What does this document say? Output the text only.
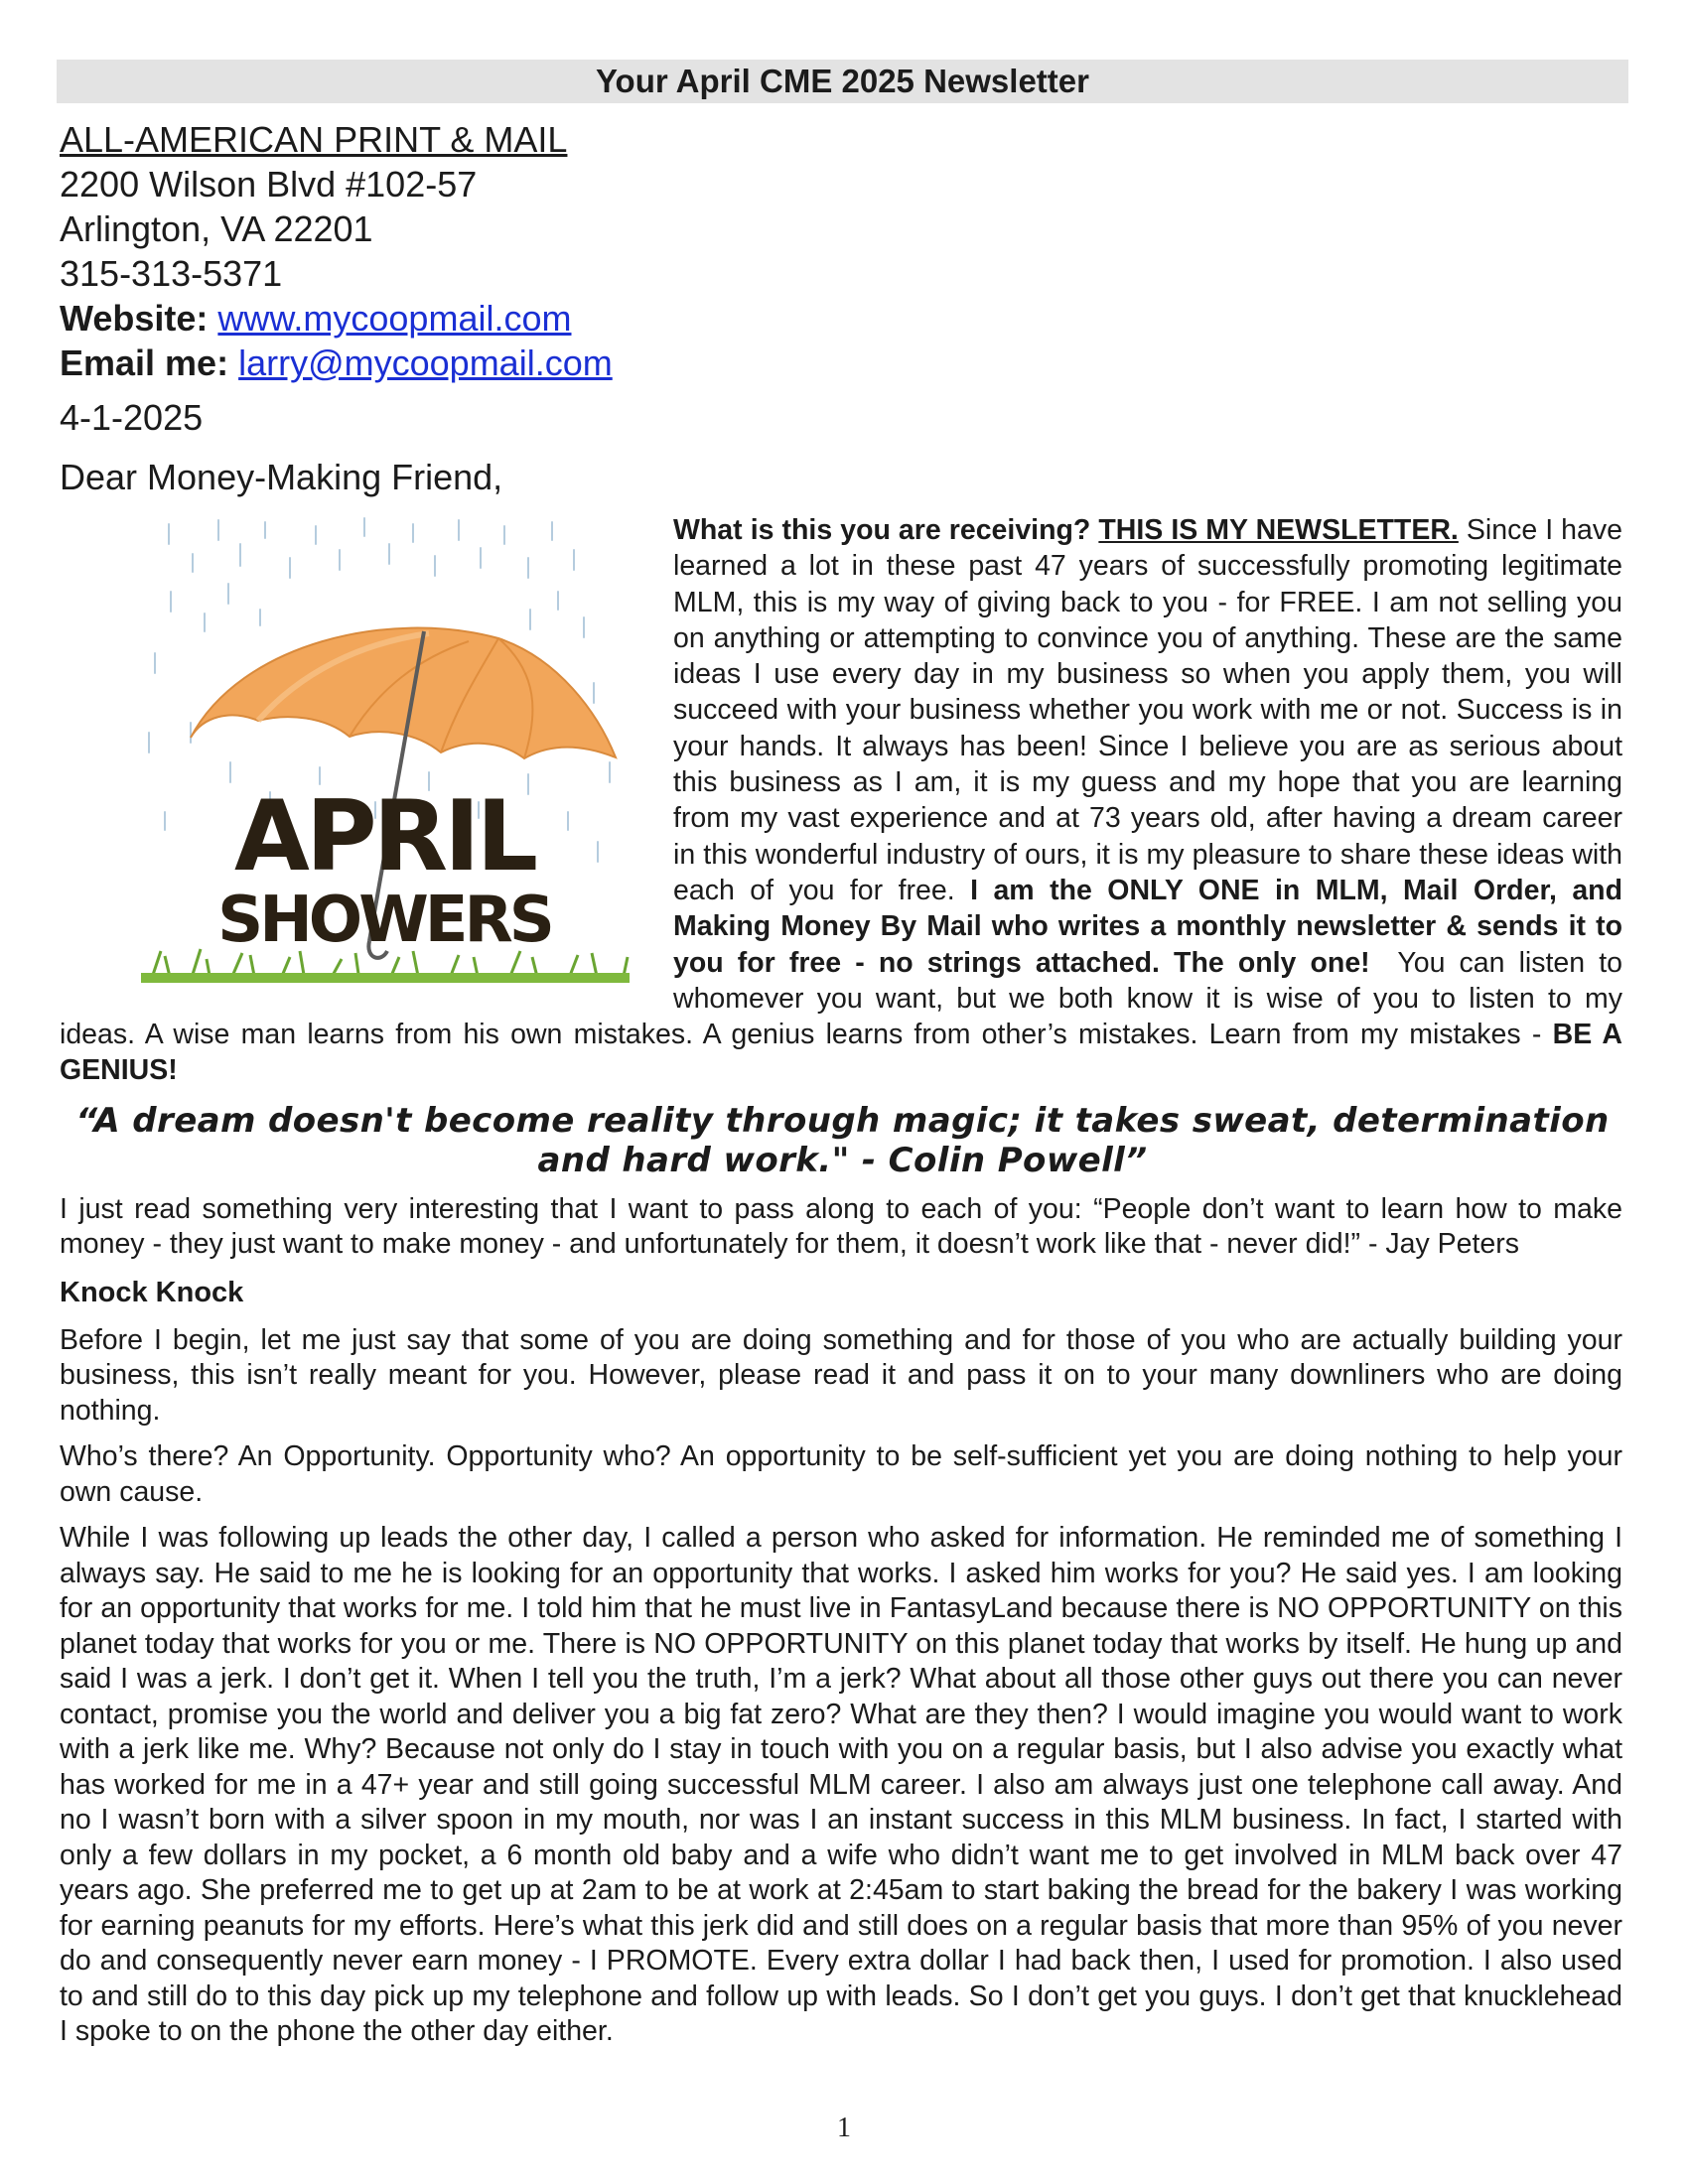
Your April CME 2025 Newsletter
ALL-AMERICAN PRINT & MAIL
2200 Wilson Blvd #102-57
Arlington, VA 22201
315-313-5371
Website: www.mycoopmail.com
Email me: larry@mycoopmail.com
4-1-2025
Dear Money-Making Friend,
APRIL
SHOWERS
What is this you are receiving? THIS IS MY NEWSLETTER. Since I have learned a lot in these past 47 years of successfully promoting legitimate MLM, this is my way of giving back to you - for FREE. I am not selling you on anything or attempting to convince you of anything. These are the same ideas I use every day in my business so when you apply them, you will succeed with your business whether you work with me or not. Success is in your hands. It always has been! Since I believe you are as serious about this business as I am, it is my guess and my hope that you are learning from my vast experience and at 73 years old, after having a dream career in this wonderful industry of ours, it is my pleasure to share these ideas with each of you for free. I am the ONLY ONE in MLM, Mail Order, and Making Money By Mail who writes a monthly newsletter & sends it to you for free - no strings attached. The only one! You can listen to whomever you want, but we both know it is wise of you to listen to my ideas. A wise man learns from his own mistakes. A genius learns from other’s mistakes. Learn from my mistakes - BE A GENIUS!
“A dream doesn't become reality through magic; it takes sweat, determination and hard work." - Colin Powell”

I just read something very interesting that I want to pass along to each of you: “People don’t want to learn how to make money - they just want to make money - and unfortunately for them, it doesn’t work like that - never did!” - Jay Peters

Knock Knock

Before I begin, let me just say that some of you are doing something and for those of you who are actually building your business, this isn’t really meant for you. However, please read it and pass it on to your many downliners who are doing nothing.

Who’s there? An Opportunity. Opportunity who? An opportunity to be self-sufficient yet you are doing nothing to help your own cause.

While I was following up leads the other day, I called a person who asked for information. He reminded me of something I always say. He said to me he is looking for an opportunity that works. I asked him works for you? He said yes. I am looking for an opportunity that works for me. I told him that he must live in FantasyLand because there is NO OPPORTUNITY on this planet today that works for you or me. There is NO OPPORTUNITY on this planet today that works by itself. He hung up and said I was a jerk. I don’t get it. When I tell you the truth, I’m a jerk? What about all those other guys out there you can never contact, promise you the world and deliver you a big fat zero? What are they then? I would imagine you would want to work with a jerk like me. Why? Because not only do I stay in touch with you on a regular basis, but I also advise you exactly what has worked for me in a 47+ year and still going successful MLM career. I also am always just one telephone call away. And no I wasn’t born with a silver spoon in my mouth, nor was I an instant success in this MLM business. In fact, I started with only a few dollars in my pocket, a 6 month old baby and a wife who didn’t want me to get involved in MLM back over 47 years ago. She preferred me to get up at 2am to be at work at 2:45am to start baking the bread for the bakery I was working for earning peanuts for my efforts. Here’s what this jerk did and still does on a regular basis that more than 95% of you never do and consequently never earn money - I PROMOTE. Every extra dollar I had back then, I used for promotion. I also used to and still do to this day pick up my telephone and follow up with leads. So I don’t get you guys. I don’t get that knucklehead I spoke to on the phone the other day either.

1
